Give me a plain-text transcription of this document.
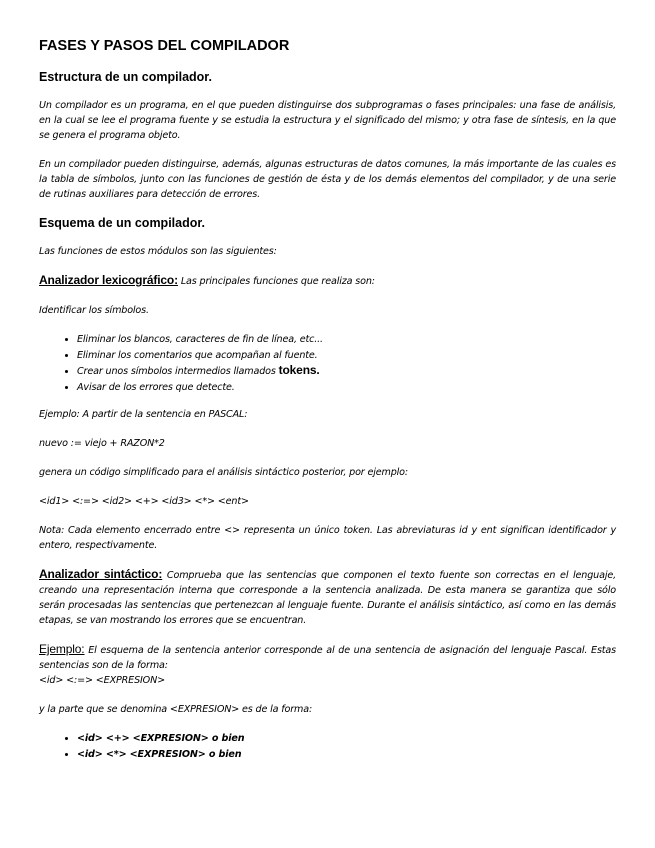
FASES Y PASOS DEL COMPILADOR
Estructura de un compilador.

Un compilador es un programa, en el que pueden distinguirse dos subprogramas o fases principales: una fase de análisis, en la cual se lee el programa fuente y se estudia la estructura y el significado del mismo; y otra fase de síntesis, en la que se genera el programa objeto.

En un compilador pueden distinguirse, además, algunas estructuras de datos comunes, la más importante de las cuales es la tabla de símbolos, junto con las funciones de gestión de ésta y de los demás elementos del compilador, y de una serie de rutinas auxiliares para detección de errores.

Esquema de un compilador.

Las funciones de estos módulos son las siguientes:

Analizador lexicográfico: Las principales funciones que realiza son:

Identificar los símbolos.

• Eliminar los blancos, caracteres de fin de línea, etc...
• Eliminar los comentarios que acompañan al fuente.
• Crear unos símbolos intermedios llamados tokens.
• Avisar de los errores que detecte.

Ejemplo: A partir de la sentencia en PASCAL:

nuevo := viejo + RAZON*2

genera un código simplificado para el análisis sintáctico posterior, por ejemplo:

<id1> <:=> <id2> <+> <id3> <*> <ent>

Nota: Cada elemento encerrado entre <> representa un único token. Las abreviaturas id y ent significan identificador y entero, respectivamente.

Analizador sintáctico: Comprueba que las sentencias que componen el texto fuente son correctas en el lenguaje, creando una representación interna que corresponde a la sentencia analizada. De esta manera se garantiza que sólo serán procesadas las sentencias que pertenezcan al lenguaje fuente. Durante el análisis sintáctico, así como en las demás etapas, se van mostrando los errores que se encuentran.

Ejemplo: El esquema de la sentencia anterior corresponde al de una sentencia de asignación del lenguaje Pascal. Estas sentencias son de la forma:

<id> <:=> <EXPRESION>

y la parte que se denomina <EXPRESION> es de la forma:

• <id> <+> <EXPRESION> o bien
• <id> <*> <EXPRESION> o bien
